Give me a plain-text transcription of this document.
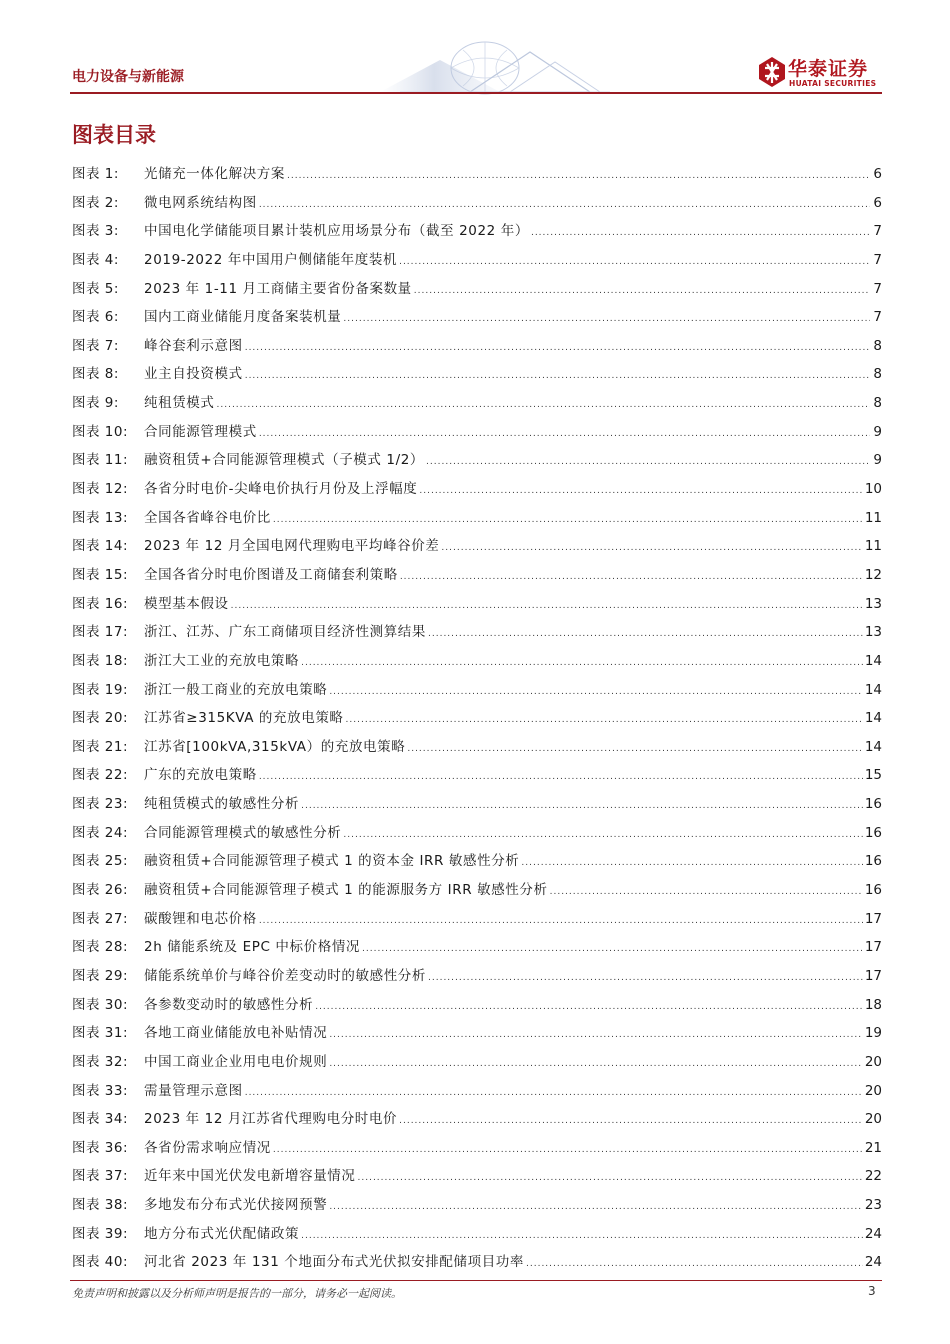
电力设备与新能源	华泰证券
HUATAI SECURITIES
图表目录
图表 1:	光储充一体化解决方案 .....	6
图表 2:	微电网系统结构图 .....	6
图表 3:	中国电化学储能项目累计装机应用场景分布（截至 2022 年） .....	7
图表 4:	2019-2022 年中国用户侧储能年度装机 .....	7
图表 5:	2023 年 1-11 月工商储主要省份备案数量 .....	7
图表 6:	国内工商业储能月度备案装机量 .....	7
图表 7:	峰谷套利示意图 .....	8
图表 8:	业主自投资模式 .....	8
图表 9:	纯租赁模式 .....	8
图表 10:	合同能源管理模式 .....	9
图表 11:	融资租赁+合同能源管理模式（子模式 1/2） .....	9
图表 12:	各省分时电价-尖峰电价执行月份及上浮幅度 .....	10
图表 13:	全国各省峰谷电价比 .....	11
图表 14:	2023 年 12 月全国电网代理购电平均峰谷价差 .....	11
图表 15:	全国各省分时电价图谱及工商储套利策略 .....	12
图表 16:	模型基本假设 .....	13
图表 17:	浙江、江苏、广东工商储项目经济性测算结果 .....	13
图表 18:	浙江大工业的充放电策略 .....	14
图表 19:	浙江一般工商业的充放电策略 .....	14
图表 20:	江苏省≥315KVA 的充放电策略 .....	14
图表 21:	江苏省[100kVA,315kVA）的充放电策略 .....	14
图表 22:	广东的充放电策略 .....	15
图表 23:	纯租赁模式的敏感性分析 .....	16
图表 24:	合同能源管理模式的敏感性分析 .....	16
图表 25:	融资租赁+合同能源管理子模式 1 的资本金 IRR 敏感性分析 .....	16
图表 26:	融资租赁+合同能源管理子模式 1 的能源服务方 IRR 敏感性分析 .....	16
图表 27:	碳酸锂和电芯价格 .....	17
图表 28:	2h 储能系统及 EPC 中标价格情况 .....	17
图表 29:	储能系统单价与峰谷价差变动时的敏感性分析 .....	17
图表 30:	各参数变动时的敏感性分析 .....	18
图表 31:	各地工商业储能放电补贴情况 .....	19
图表 32:	中国工商业企业用电电价规则 .....	20
图表 33:	需量管理示意图 .....	20
图表 34:	2023 年 12 月江苏省代理购电分时电价 .....	20
图表 36:	各省份需求响应情况 .....	21
图表 37:	近年来中国光伏发电新增容量情况 .....	22
图表 38:	多地发布分布式光伏接网预警 .....	23
图表 39:	地方分布式光伏配储政策 .....	24
图表 40:	河北省 2023 年 131 个地面分布式光伏拟安排配储项目功率 .....	24
免责声明和披露以及分析师声明是报告的一部分，请务必一起阅读。	3
